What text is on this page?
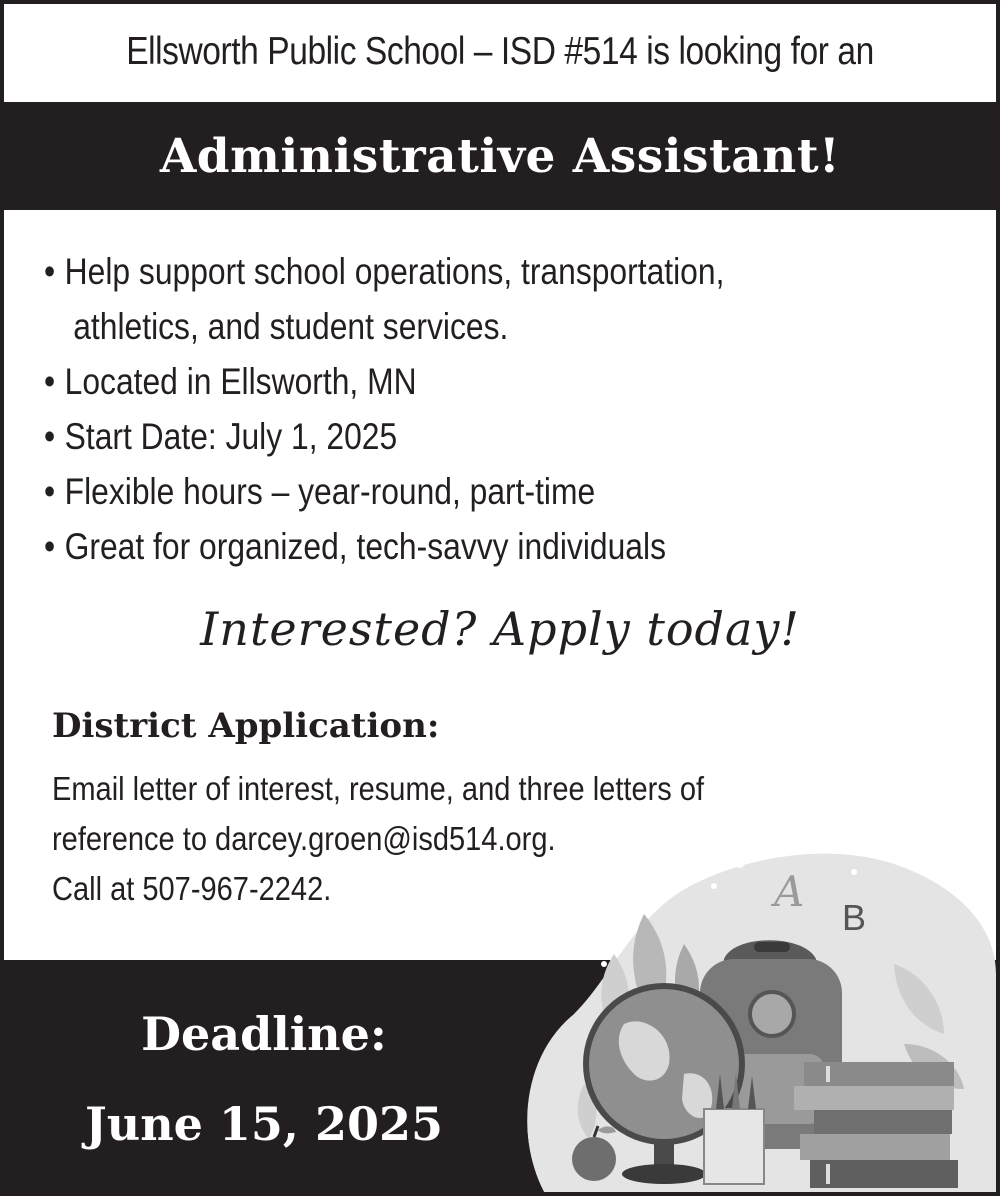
Ellsworth Public School – ISD #514 is looking for an
Administrative Assistant!
• Help support school operations, transportation,

athletics, and student services.
• Located in Ellsworth, MN
• Start Date: July 1, 2025
• Flexible hours – year-round, part-time
• Great for organized, tech-savvy individuals
Interested? Apply today!
District Application:
Email letter of interest, resume, and three letters of
reference to darcey.groen@isd514.org.
Call at 507-967-2242.
Deadline:
June 15, 2025
A
B
